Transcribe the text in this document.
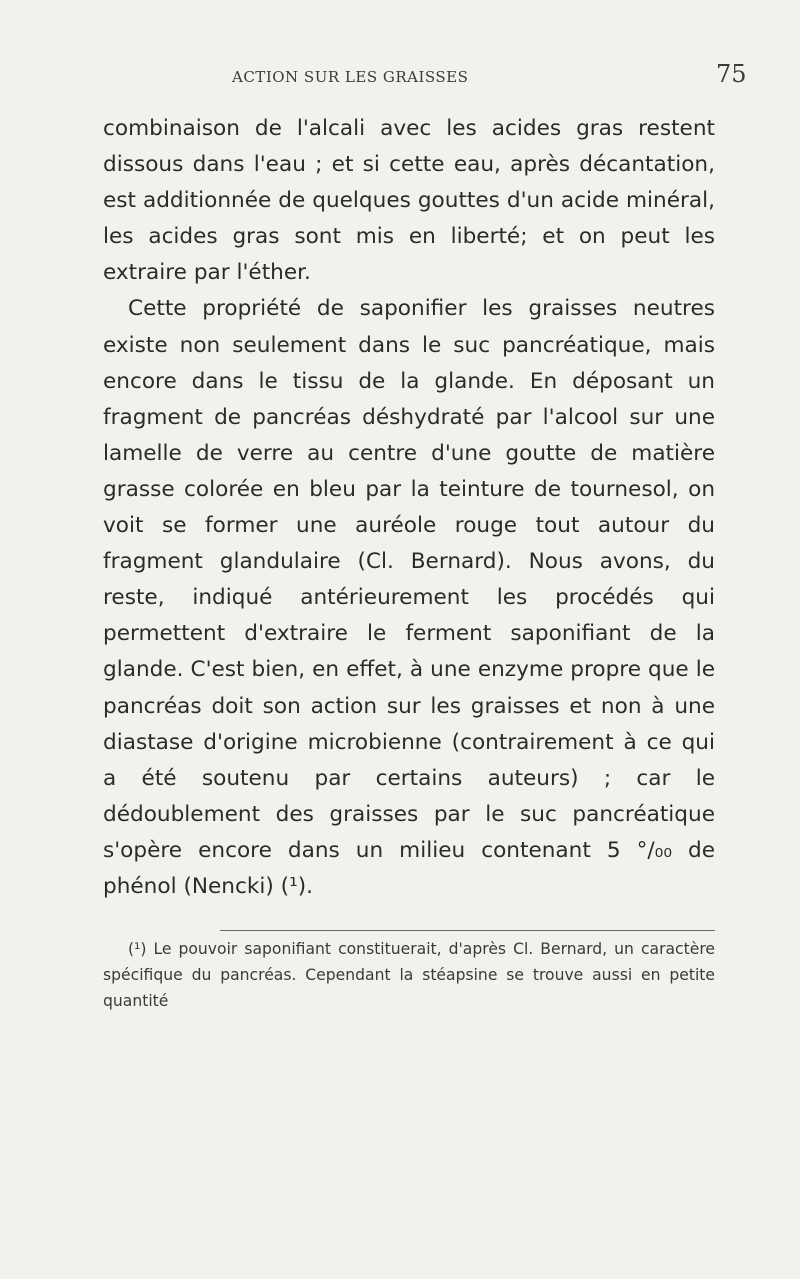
ACTION SUR LES GRAISSES	75

combinaison de l'alcali avec les acides gras restent dissous dans l'eau ; et si cette eau, après décantation, est additionnée de quelques gouttes d'un acide minéral, les acides gras sont mis en liberté; et on peut les extraire par l'éther.

Cette propriété de saponifier les graisses neutres existe non seulement dans le suc pancréatique, mais encore dans le tissu de la glande. En déposant un fragment de pancréas déshydraté par l'alcool sur une lamelle de verre au centre d'une goutte de matière grasse colorée en bleu par la teinture de tournesol, on voit se former une auréole rouge tout autour du fragment glandulaire (Cl. Bernard). Nous avons, du reste, indiqué antérieurement les procédés qui permettent d'extraire le ferment saponifiant de la glande. C'est bien, en effet, à une enzyme propre que le pancréas doit son action sur les graisses et non à une diastase d'origine microbienne (contrairement à ce qui a été soutenu par certains auteurs) ; car le dédoublement des graisses par le suc pancréatique s'opère encore dans un milieu contenant 5 °/₀₀ de phénol (Nencki) (¹).

(¹) Le pouvoir saponifiant constituerait, d'après Cl. Bernard, un caractère spécifique du pancréas. Cependant la stéapsine se trouve aussi en petite quantité
